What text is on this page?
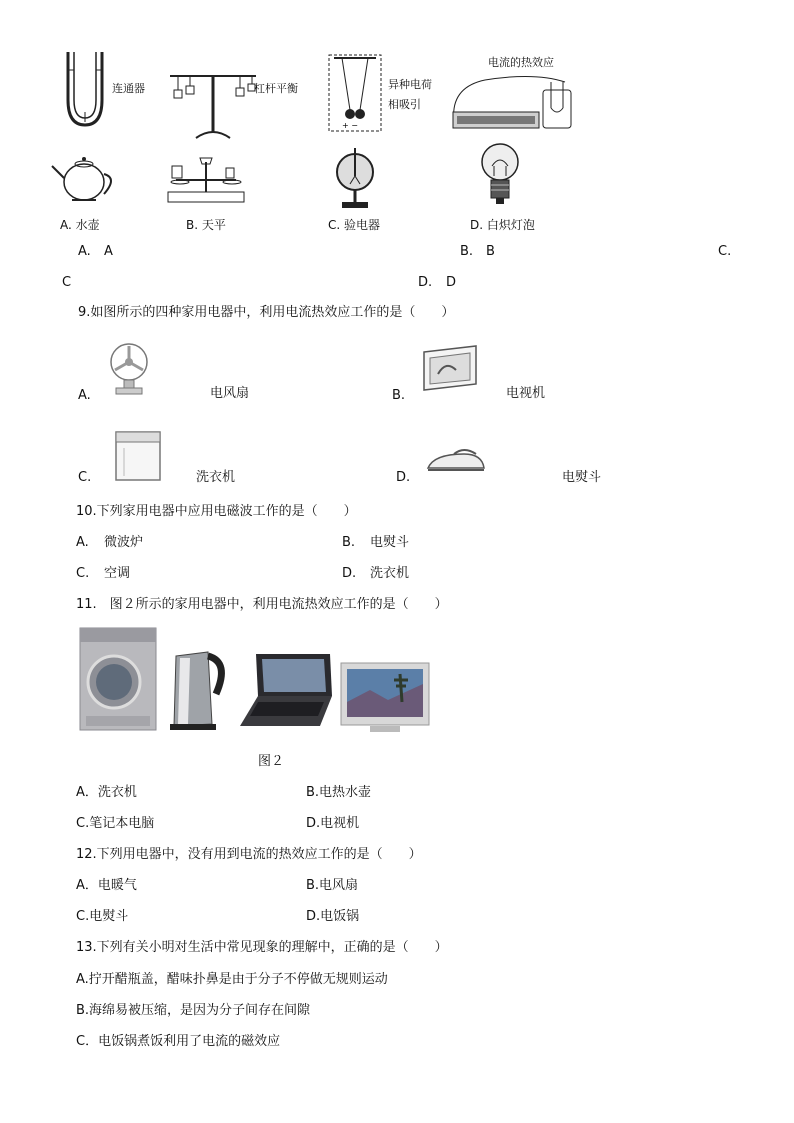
连通器	杠杆平衡
+ −
异种电荷
相吸引
电流的热效应
A. 水壶	B. 天平	C. 验电器	D. 白炽灯泡
A. A	B. B	C.
C	D. D
9.如图所示的四种家用电器中，利用电流热效应工作的是（　　）
A.	电风扇	B.	电视机
C.	洗衣机	D.	电熨斗
10.下列家用电器中应用电磁波工作的是（　　）
A. 微波炉	B. 电熨斗
C. 空调	D. 洗衣机
11.　图２所示的家用电器中，利用电流热效应工作的是（　　）
图２
A．洗衣机	B.电热水壶
C.笔记本电脑	D.电视机
12.下列用电器中，没有用到电流的热效应工作的是（　　）
A．电暖气	B.电风扇
C.电熨斗	D.电饭锅
13.下列有关小明对生活中常见现象的理解中，正确的是（　　）
A.拧开醋瓶盖，醋味扑鼻是由于分子不停做无规则运动
B.海绵易被压缩，是因为分子间存在间隙
C．电饭锅煮饭利用了电流的磁效应
